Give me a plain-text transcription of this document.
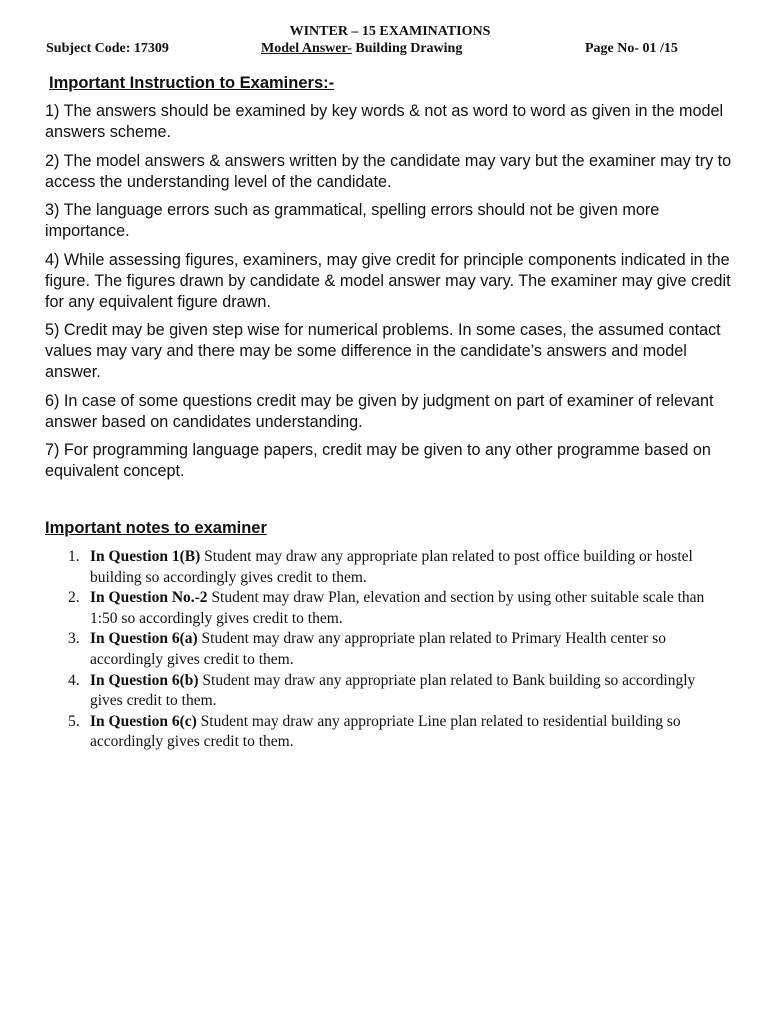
WINTER – 15 EXAMINATIONS
Subject Code: 17309	Model Answer- Building Drawing	Page No- 01 /15
Important Instruction to Examiners:-

1) The answers should be examined by key words & not as word to word as given in the model answers scheme.

2) The model answers & answers written by the candidate may vary but the examiner may try to access the understanding level of the candidate.

3) The language errors such as grammatical, spelling errors should not be given more importance.

4) While assessing figures, examiners, may give credit for principle components indicated in the figure. The figures drawn by candidate & model answer may vary. The examiner may give credit for any equivalent figure drawn.

5) Credit may be given step wise for numerical problems. In some cases, the assumed contact values may vary and there may be some difference in the candidate’s answers and model answer.

6) In case of some questions credit may be given by judgment on part of examiner of relevant answer based on candidates understanding.

7) For programming language papers, credit may be given to any other programme based on equivalent concept.

Important notes to examiner
1. In Question 1(B) Student may draw any appropriate plan related to post office building or hostel building so accordingly gives credit to them.
2. In Question No.-2 Student may draw Plan, elevation and section by using other suitable scale than 1:50 so accordingly gives credit to them.
3. In Question 6(a) Student may draw any appropriate plan related to Primary Health center so accordingly gives credit to them.
4. In Question 6(b) Student may draw any appropriate plan related to Bank building so accordingly gives credit to them.
5. In Question 6(c) Student may draw any appropriate Line plan related to residential building so accordingly gives credit to them.
